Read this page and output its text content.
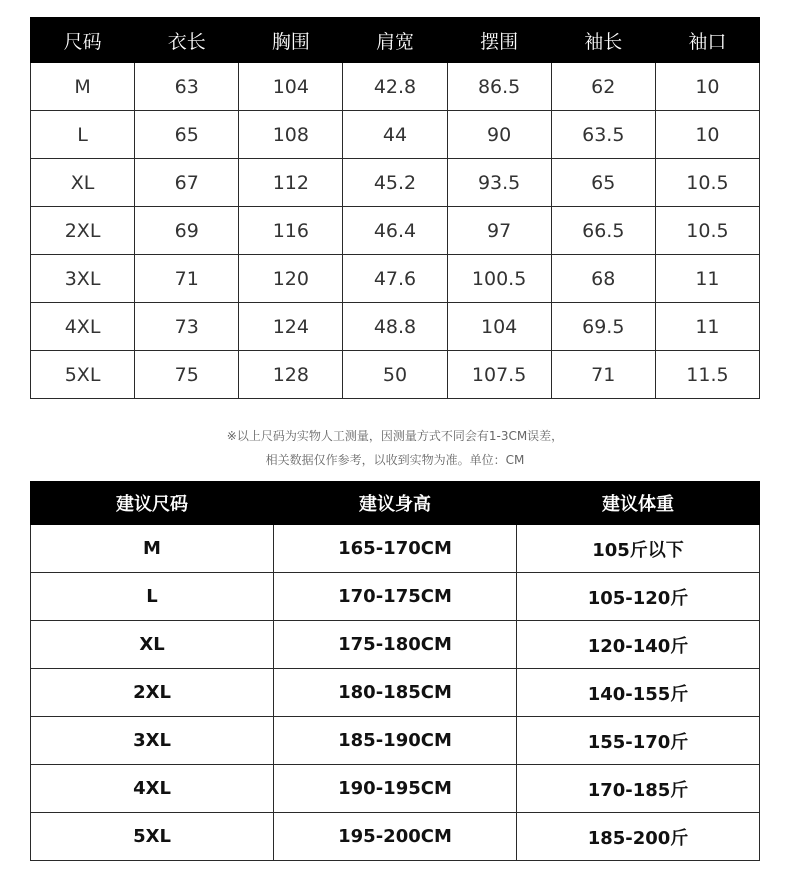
尺码	衣长	胸围	肩宽	摆围	袖长	袖口
M	63	104	42.8	86.5	62	10
L	65	108	44	90	63.5	10
XL	67	112	45.2	93.5	65	10.5
2XL	69	116	46.4	97	66.5	10.5
3XL	71	120	47.6	100.5	68	11
4XL	73	124	48.8	104	69.5	11
5XL	75	128	50	107.5	71	11.5
※以上尺码为实物人工测量，因测量方式不同会有1-3CM误差，
相关数据仅作参考，以收到实物为准。单位：CM
建议尺码	建议身高	建议体重
M	165-170CM	105斤以下
L	170-175CM	105-120斤
XL	175-180CM	120-140斤
2XL	180-185CM	140-155斤
3XL	185-190CM	155-170斤
4XL	190-195CM	170-185斤
5XL	195-200CM	185-200斤
